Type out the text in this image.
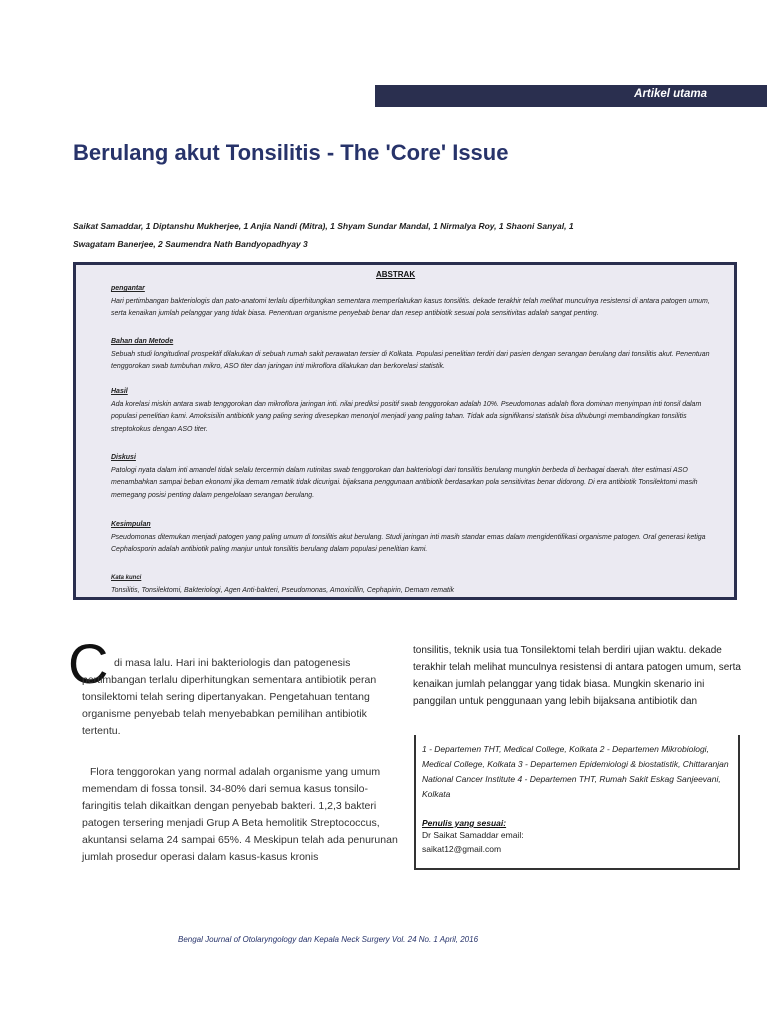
Artikel utama
Berulang akut Tonsilitis - The 'Core' Issue
Saikat Samaddar, 1 Diptanshu Mukherjee, 1 Anjia Nandi (Mitra), 1 Shyam Sundar Mandal, 1 Nirmalya Roy, 1 Shaoni Sanyal, 1
Swagatam Banerjee, 2 Saumendra Nath Bandyopadhyay 3
ABSTRAK
pengantar
Hari pertimbangan bakteriologis dan pato-anatomi terlalu diperhitungkan sementara memperlakukan kasus tonsilitis. dekade terakhir telah melihat munculnya resistensi di antara patogen umum, serta kenaikan jumlah pelanggar yang tidak biasa. Penentuan organisme penyebab benar dan resep antibiotik sesuai pola sensitivitas adalah sangat penting.
Bahan dan Metode
Sebuah studi longitudinal prospektif dilakukan di sebuah rumah sakit perawatan tersier di Kolkata. Populasi penelitian terdiri dari pasien dengan serangan berulang dari tonsilitis akut. Penentuan tenggorokan swab tumbuhan mikro, ASO titer dan jaringan inti mikroflora dilakukan dan berkorelasi statistik.
Hasil
Ada korelasi miskin antara swab tenggorokan dan mikroflora jaringan inti. nilai prediksi positif swab tenggorokan adalah 10%. Pseudomonas adalah flora dominan menyimpan inti tonsil dalam populasi penelitian kami. Amoksisilin antibiotik yang paling sering diresepkan menonjol menjadi yang paling tahan. Tidak ada signifikansi statistik bisa dihubungi membandingkan tonsilitis streptokokus dengan ASO titer.
Diskusi
Patologi nyata dalam inti amandel tidak selalu tercermin dalam rutinitas swab tenggorokan dan bakteriologi dari tonsilitis berulang mungkin berbeda di berbagai daerah. titer estimasi ASO menambahkan sampai beban ekonomi jika demam rematik tidak dicurigai. bijaksana penggunaan antibiotik berdasarkan pola sensitivitas benar didorong. Di era antibiotik Tonsilektomi masih memegang posisi penting dalam pengelolaan serangan berulang.
Kesimpulan
Pseudomonas ditemukan menjadi patogen yang paling umum di tonsilitis akut berulang. Studi jaringan inti masih standar emas dalam mengidentifikasi organisme patogen. Oral generasi ketiga Cephalosporin adalah antibiotik paling manjur untuk tonsilitis berulang dalam populasi penelitian kami.
Kata kunci
Tonsilitis, Tonsilektomi, Bakteriologi, Agen Anti-bakteri, Pseudomonas, Amoxicillin, Cephapirin, Demam rematik
C di masa lalu. Hari ini bakteriologis dan patogenesis pertimbangan terlalu diperhitungkan sementara antibiotik peran tonsilektomi telah sering dipertanyakan. Pengetahuan tentang organisme penyebab telah menyebabkan pemilihan antibiotik tertentu.

Flora tenggorokan yang normal adalah organisme yang umum memendam di fossa tonsil. 34-80% dari semua kasus tonsilo-faringitis telah dikaitkan dengan penyebab bakteri. 1,2,3 bakteri patogen tersering menjadi Grup A Beta hemolitik Streptococcus, akuntansi selama 24 sampai 65%. 4 Meskipun telah ada penurunan jumlah prosedur operasi dalam kasus-kasus kronis

tonsilitis, teknik usia tua Tonsilektomi telah berdiri ujian waktu. dekade terakhir telah melihat munculnya resistensi di antara patogen umum, serta kenaikan jumlah pelanggar yang tidak biasa. Mungkin skenario ini panggilan untuk penggunaan yang lebih bijaksana antibiotik dan
1 - Departemen THT, Medical College, Kolkata 2 - Departemen Mikrobiologi, Medical College, Kolkata 3 - Departemen Epidemiologi & biostatistik, Chittaranjan National Cancer Institute 4 - Departemen THT, Rumah Sakit Eskag Sanjeevani, Kolkata
Penulis yang sesuai:
Dr Saikat Samaddar email:
saikat12@gmail.com
Bengal Journal of Otolaryngology dan Kepala Neck Surgery Vol. 24 No. 1 April, 2016
